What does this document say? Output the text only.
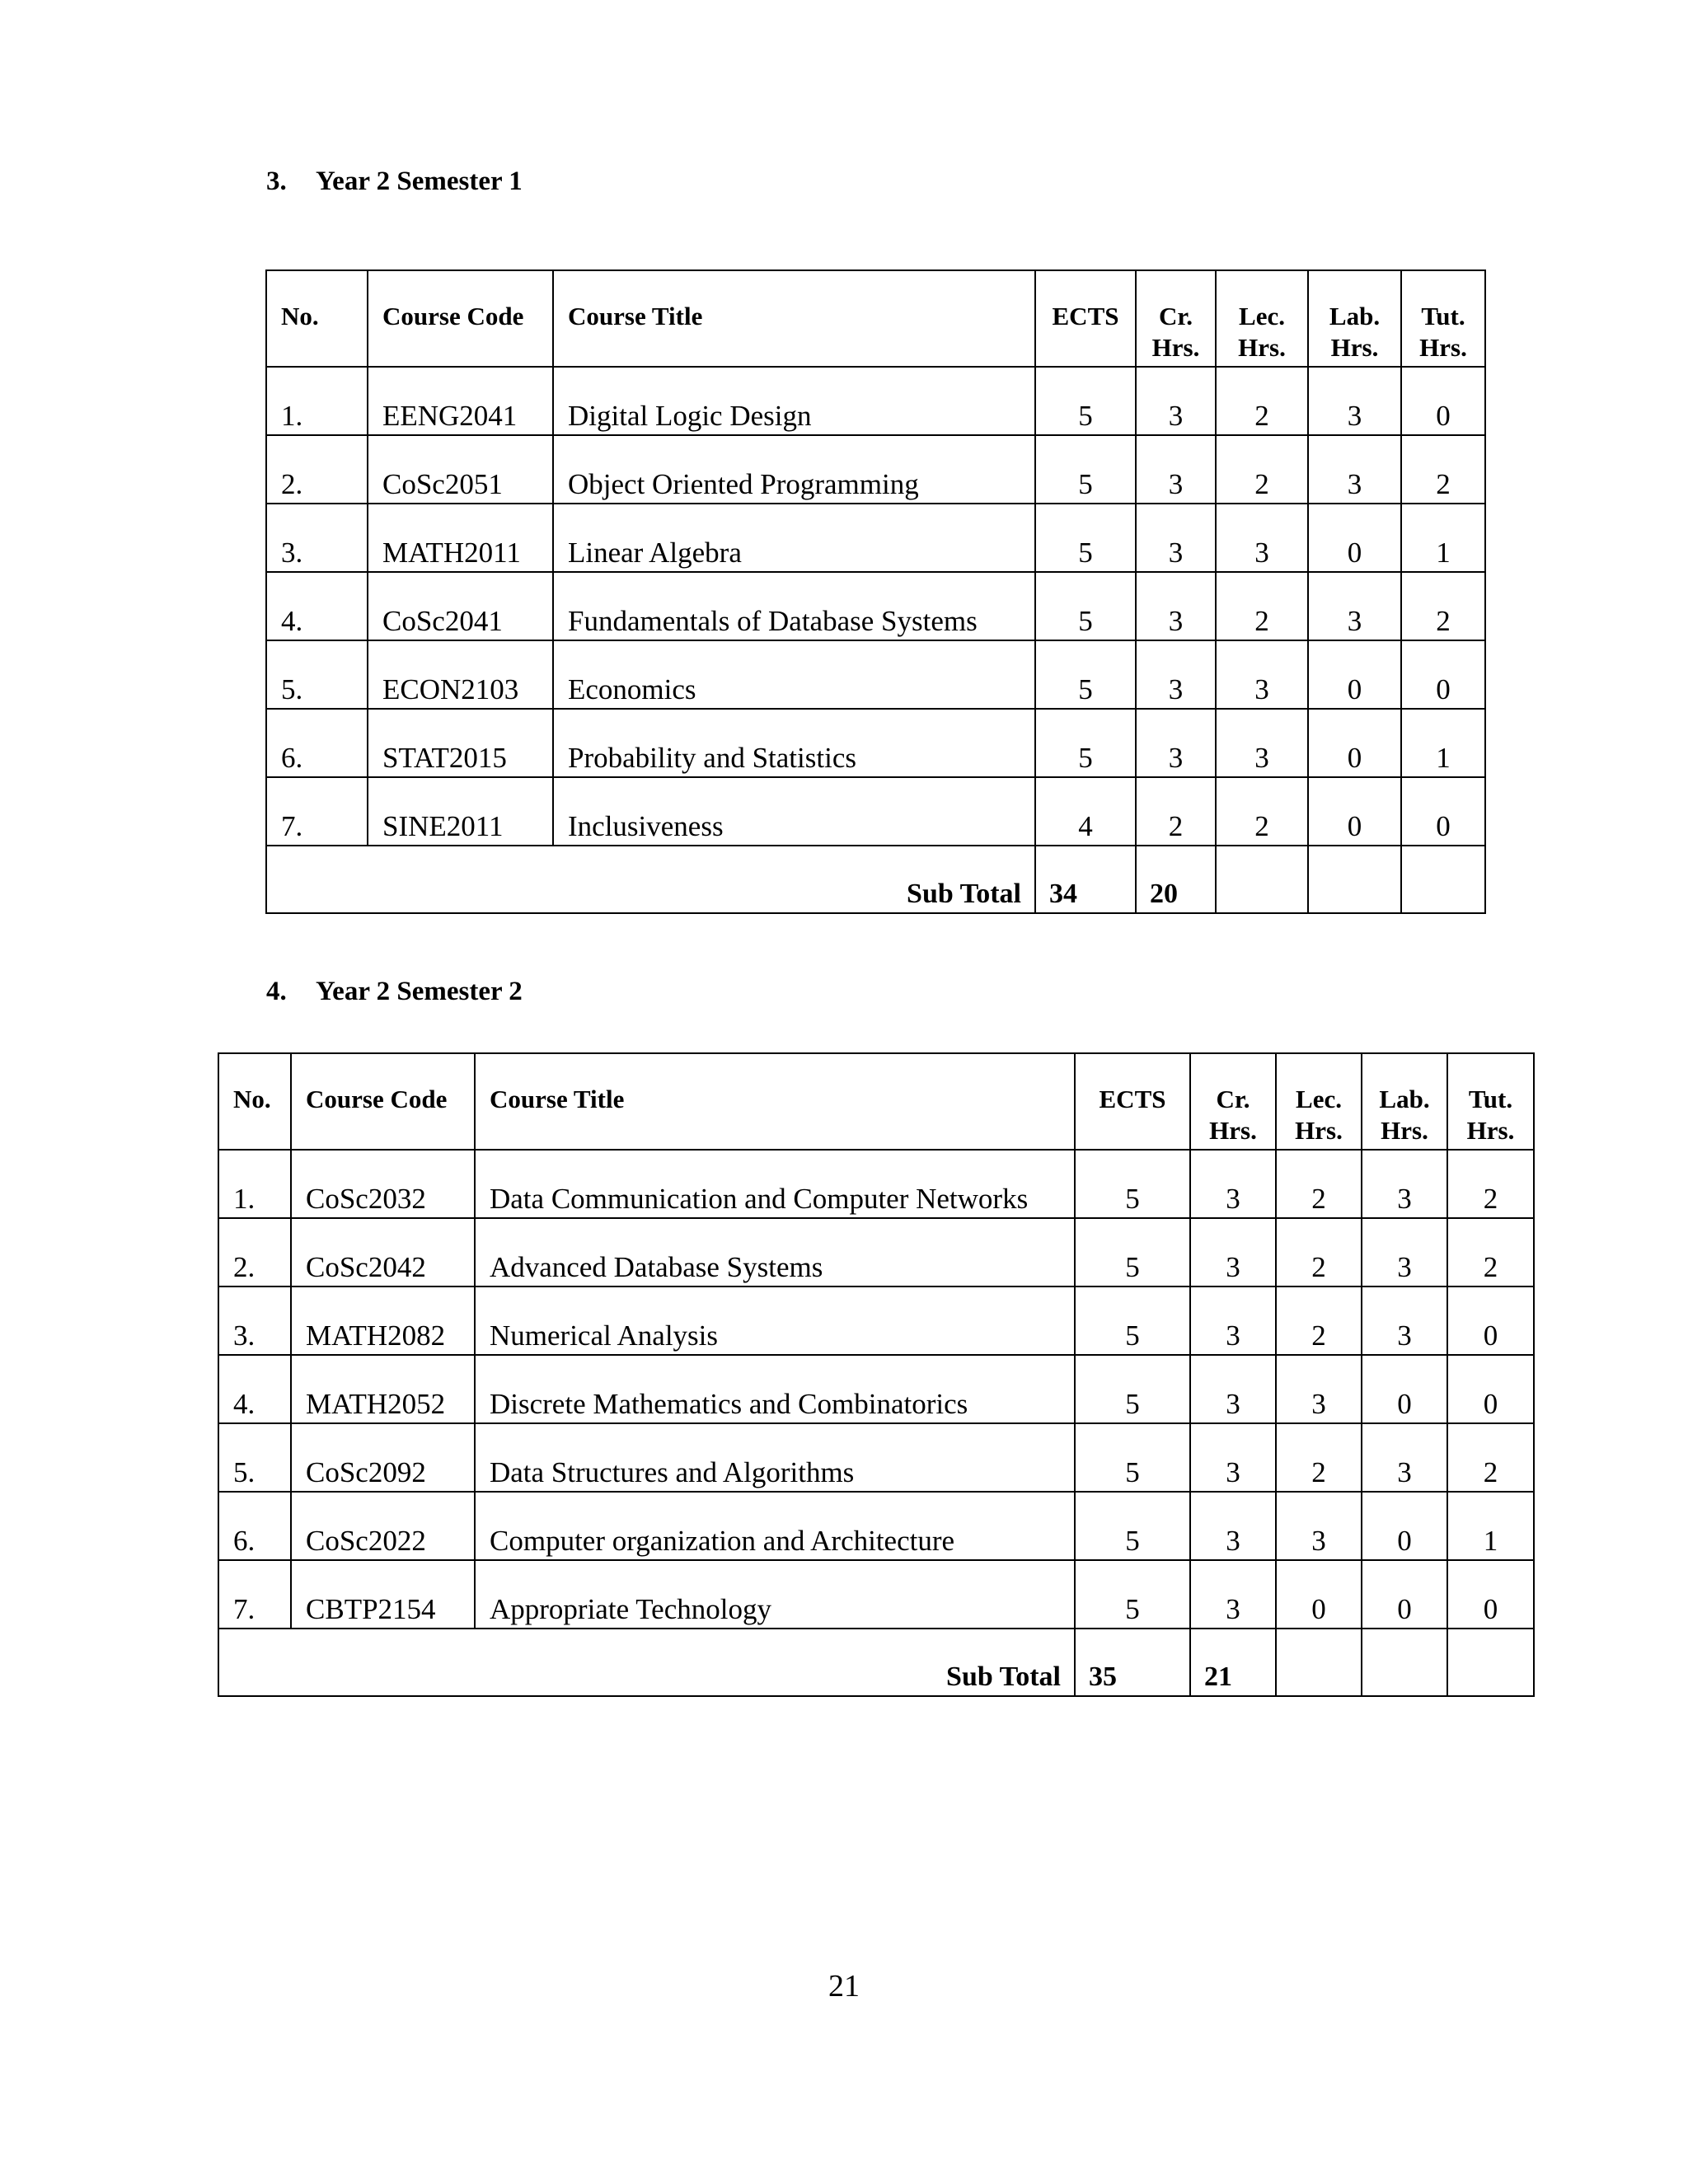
3. Year 2 Semester 1
No.	Course Code	Course Title	ECTS	Cr. Hrs.	Lec. Hrs.	Lab. Hrs.	Tut. Hrs.
1.	EENG2041	Digital Logic Design	5	3	2	3	0
2.	CoSc2051	Object Oriented Programming	5	3	2	3	2
3.	MATH2011	Linear Algebra	5	3	3	0	1
4.	CoSc2041	Fundamentals of Database Systems	5	3	2	3	2
5.	ECON2103	Economics	5	3	3	0	0
6.	STAT2015	Probability and Statistics	5	3	3	0	1
7.	SINE2011	Inclusiveness	4	2	2	0	0
Sub Total			34	20			
4. Year 2 Semester 2
No.	Course Code	Course Title	ECTS	Cr. Hrs.	Lec. Hrs.	Lab. Hrs.	Tut. Hrs.
1.	CoSc2032	Data Communication and Computer Networks	5	3	2	3	2
2.	CoSc2042	Advanced Database Systems	5	3	2	3	2
3.	MATH2082	Numerical Analysis	5	3	2	3	0
4.	MATH2052	Discrete Mathematics and Combinatorics	5	3	3	0	0
5.	CoSc2092	Data Structures and Algorithms	5	3	2	3	2
6.	CoSc2022	Computer organization and Architecture	5	3	3	0	1
7.	CBTP2154	Appropriate Technology	5	3	0	0	0
Sub Total			35	21			
21
